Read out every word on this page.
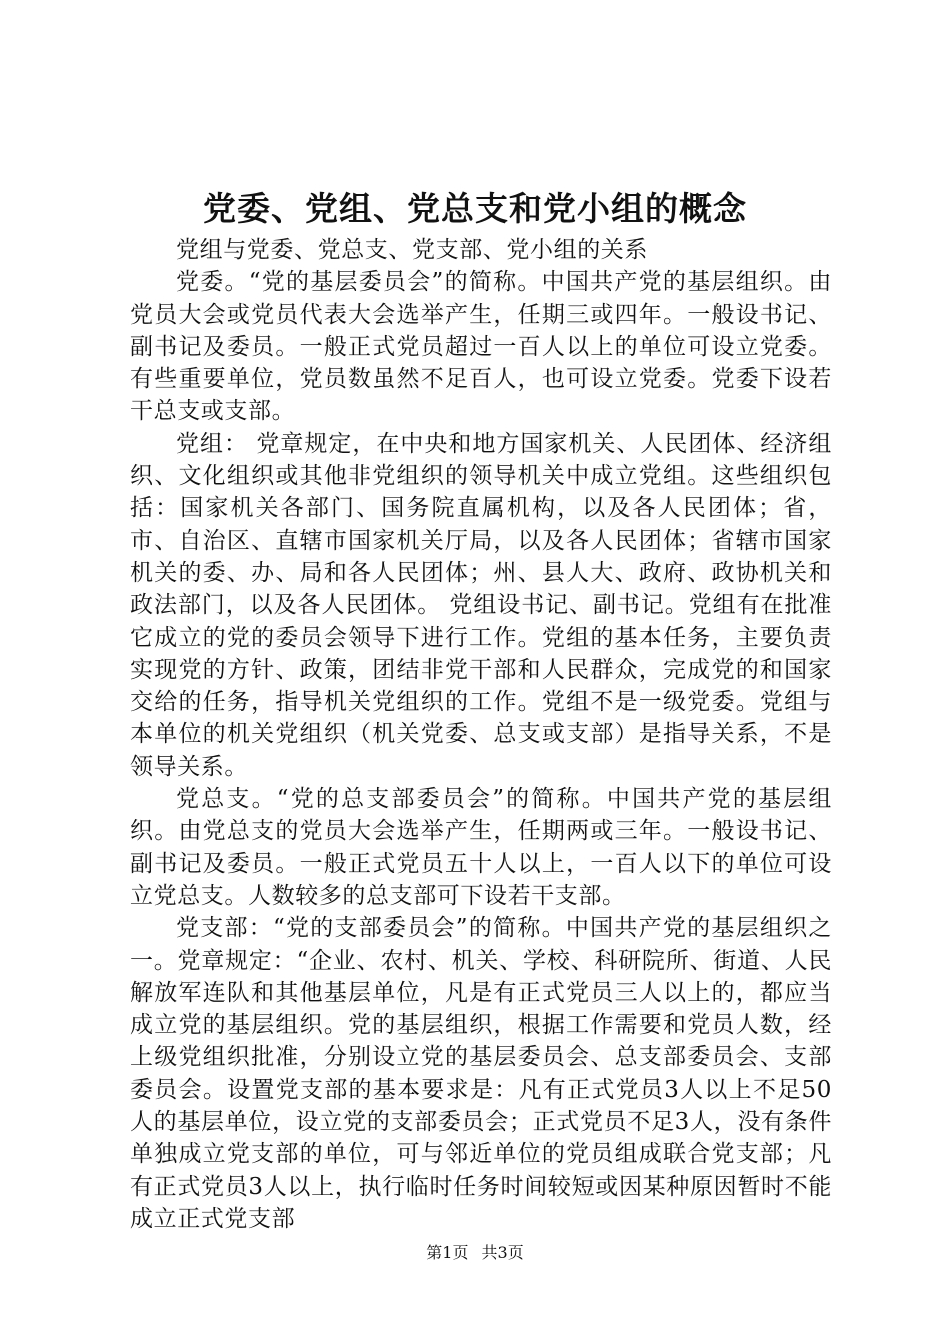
党委、党组、党总支和党小组的概念

党组与党委、党总支、党支部、党小组的关系

党委。“党的基层委员会”的简称。中国共产党的基层组织。由党员大会或党员代表大会选举产生，任期三或四年。一般设书记、副书记及委员。一般正式党员超过一百人以上的单位可设立党委。有些重要单位，党员数虽然不足百人，也可设立党委。党委下设若干总支或支部。

党组： 党章规定，在中央和地方国家机关、人民团体、经济组织、文化组织或其他非党组织的领导机关中成立党组。这些组织包括：国家机关各部门、国务院直属机构，以及各人民团体；省，市、自治区、直辖市国家机关厅局，以及各人民团体；省辖市国家机关的委、办、局和各人民团体；州、县人大、政府、政协机关和政法部门，以及各人民团体。 党组设书记、副书记。党组有在批准它成立的党的委员会领导下进行工作。党组的基本任务，主要负责实现党的方针、政策，团结非党干部和人民群众，完成党的和国家交给的任务，指导机关党组织的工作。党组不是一级党委。党组与本单位的机关党组织（机关党委、总支或支部）是指导关系，不是领导关系。

党总支。“党的总支部委员会”的简称。中国共产党的基层组织。由党总支的党员大会选举产生，任期两或三年。一般设书记、副书记及委员。一般正式党员五十人以上，一百人以下的单位可设立党总支。人数较多的总支部可下设若干支部。

党支部：“党的支部委员会”的简称。中国共产党的基层组织之一。党章规定：“企业、农村、机关、学校、科研院所、街道、人民解放军连队和其他基层单位，凡是有正式党员三人以上的，都应当成立党的基层组织。党的基层组织，根据工作需要和党员人数，经上级党组织批准，分别设立党的基层委员会、总支部委员会、支部委员会。设置党支部的基本要求是：凡有正式党员3人以上不足50人的基层单位，设立党的支部委员会；正式党员不足3人，没有条件单独成立党支部的单位，可与邻近单位的党员组成联合党支部；凡有正式党员3人以上，执行临时任务时间较短或因某种原因暂时不能成立正式党支部

第1页 共3页
